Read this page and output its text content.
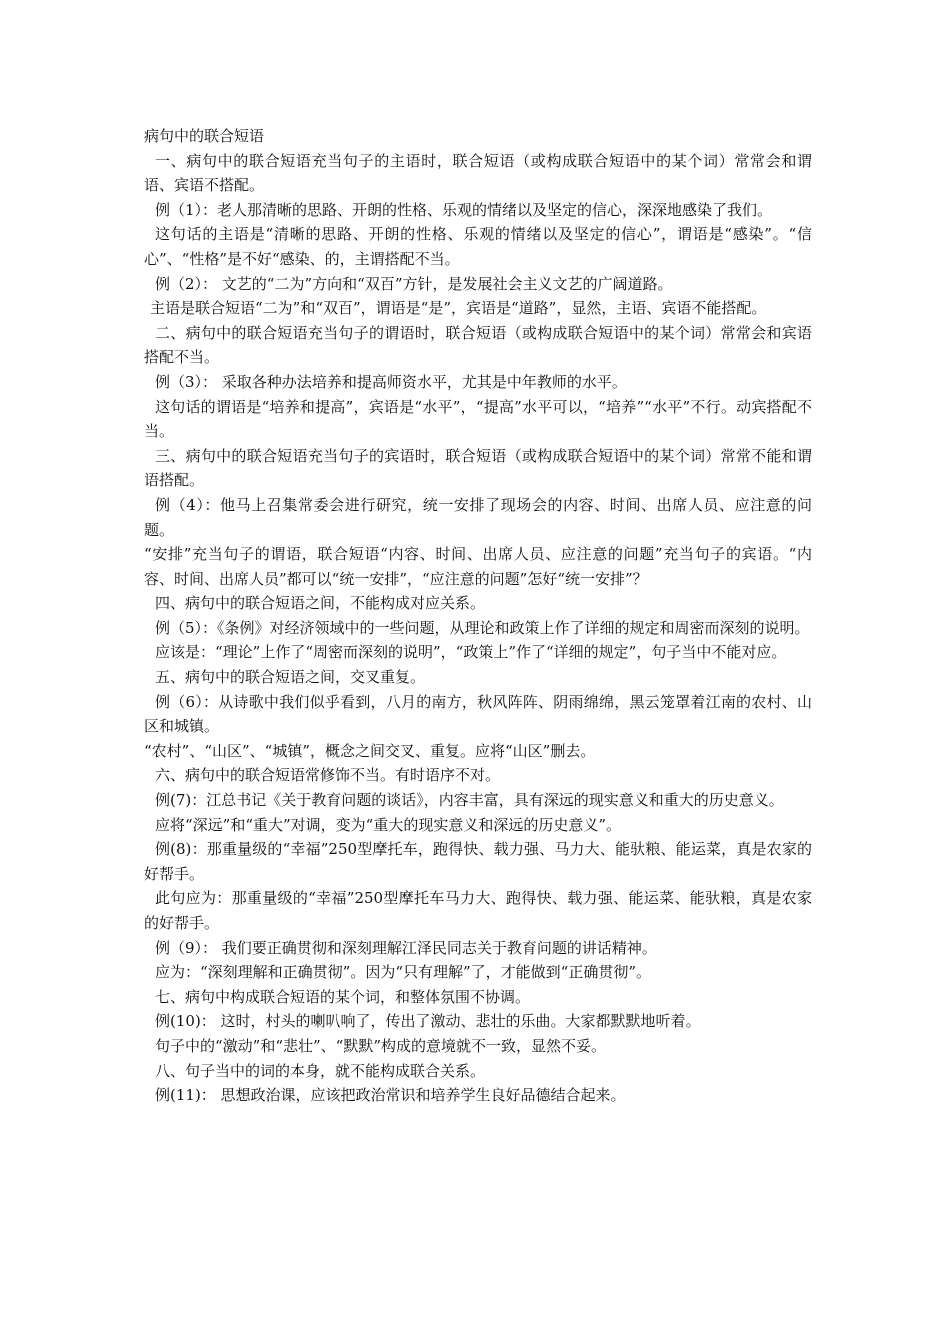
病句中的联合短语

一、病句中的联合短语充当句子的主语时，联合短语（或构成联合短语中的某个词）常常会和谓语、宾语不搭配。

例（1）：老人那清晰的思路、开朗的性格、乐观的情绪以及坚定的信心，深深地感染了我们。

这句话的主语是“清晰的思路、开朗的性格、乐观的情绪以及坚定的信心”，谓语是“感染”。“信心”、“性格”是不好“感染、的，主谓搭配不当。

例（2）： 文艺的“二为”方向和“双百”方针，是发展社会主义文艺的广阔道路。

主语是联合短语“二为”和“双百”，谓语是“是”，宾语是“道路”，显然，主语、宾语不能搭配。

二、病句中的联合短语充当句子的谓语时，联合短语（或构成联合短语中的某个词）常常会和宾语搭配不当。

例（3）： 采取各种办法培养和提高师资水平，尤其是中年教师的水平。

这句话的谓语是“培养和提高”，宾语是“水平”，“提高”水平可以，“培养”“水平”不行。动宾搭配不当。

三、病句中的联合短语充当句子的宾语时，联合短语（或构成联合短语中的某个词）常常不能和谓语搭配。

例（4）：他马上召集常委会进行研究，统一安排了现场会的内容、时间、出席人员、应注意的问题。

“安排”充当句子的谓语，联合短语“内容、时间、出席人员、应注意的问题”充当句子的宾语。“内容、时间、出席人员”都可以“统一安排”，“应注意的问题”怎好“统一安排”？

四、病句中的联合短语之间，不能构成对应关系。

例（5）：《条例》对经济领域中的一些问题，从理论和政策上作了详细的规定和周密而深刻的说明。

应该是：“理论”上作了“周密而深刻的说明”，“政策上”作了“详细的规定”，句子当中不能对应。

五、病句中的联合短语之间，交叉重复。

例（6）：从诗歌中我们似乎看到，八月的南方，秋风阵阵、阴雨绵绵，黑云笼罩着江南的农村、山区和城镇。

“农村”、“山区”、“城镇”，概念之间交叉、重复。应将“山区”删去。

六、病句中的联合短语常修饰不当。有时语序不对。

例(7)：江总书记《关于教育问题的谈话》，内容丰富，具有深远的现实意义和重大的历史意义。

应将“深远”和“重大”对调，变为“重大的现实意义和深远的历史意义”。

例(8)：那重量级的“幸福”250型摩托车，跑得快、载力强、马力大、能驮粮、能运菜，真是农家的好帮手。

此句应为：那重量级的“幸福”250型摩托车马力大、跑得快、载力强、能运菜、能驮粮，真是农家的好帮手。

例（9）： 我们要正确贯彻和深刻理解江泽民同志关于教育问题的讲话精神。

应为：“深刻理解和正确贯彻”。因为“只有理解”了，才能做到“正确贯彻”。

七、病句中构成联合短语的某个词，和整体氛围不协调。

例(10)： 这时，村头的喇叭响了，传出了激动、悲壮的乐曲。大家都默默地听着。

句子中的“激动”和“悲壮”、“默默”构成的意境就不一致，显然不妥。

八、句子当中的词的本身，就不能构成联合关系。

例(11)： 思想政治课，应该把政治常识和培养学生良好品德结合起来。
